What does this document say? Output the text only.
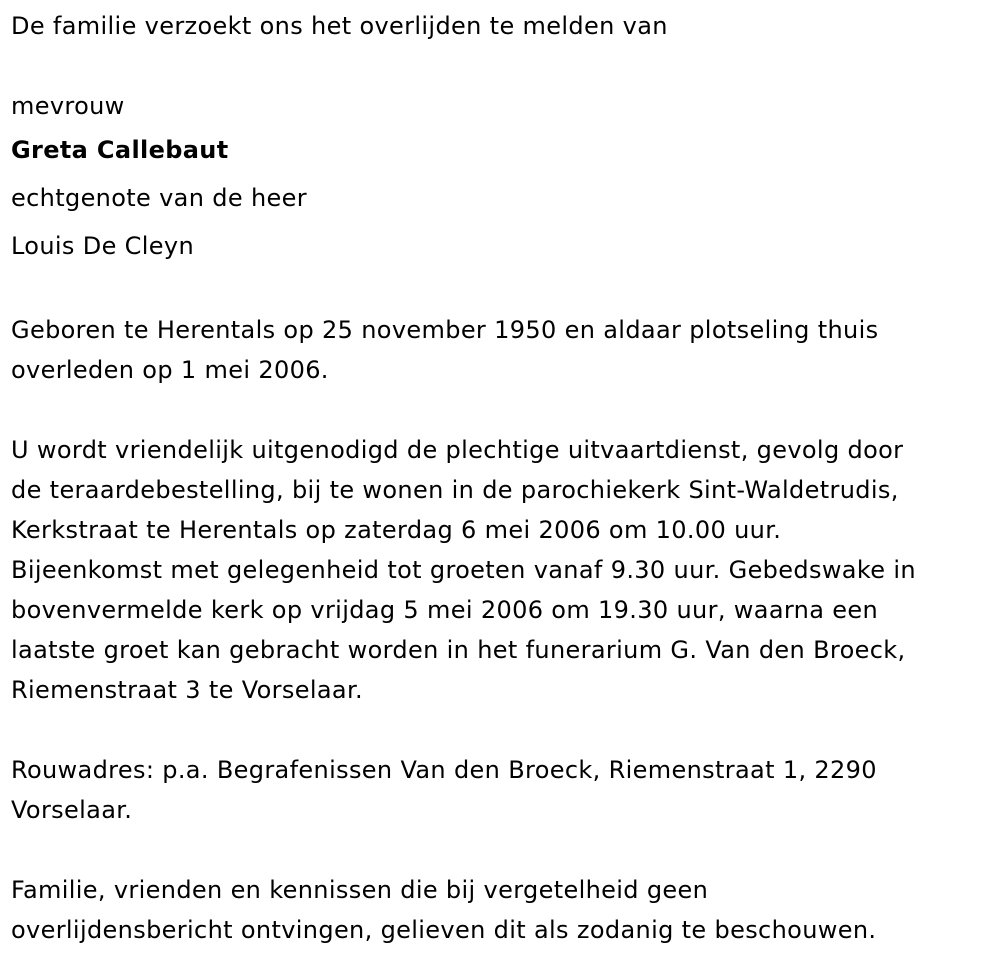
De familie verzoekt ons het overlijden te melden van

mevrouw

Greta Callebaut

echtgenote van de heer

Louis De Cleyn

Geboren te Herentals op 25 november 1950 en aldaar plotseling thuis

overleden op 1 mei 2006.

U wordt vriendelijk uitgenodigd de plechtige uitvaartdienst, gevolg door

de teraardebestelling, bij te wonen in de parochiekerk Sint-Waldetrudis,

Kerkstraat te Herentals op zaterdag 6 mei 2006 om 10.00 uur.

Bijeenkomst met gelegenheid tot groeten vanaf 9.30 uur. Gebedswake in

bovenvermelde kerk op vrijdag 5 mei 2006 om 19.30 uur, waarna een

laatste groet kan gebracht worden in het funerarium G. Van den Broeck,

Riemenstraat 3 te Vorselaar.

Rouwadres: p.a. Begrafenissen Van den Broeck, Riemenstraat 1, 2290

Vorselaar.

Familie, vrienden en kennissen die bij vergetelheid geen

overlijdensbericht ontvingen, gelieven dit als zodanig te beschouwen.
